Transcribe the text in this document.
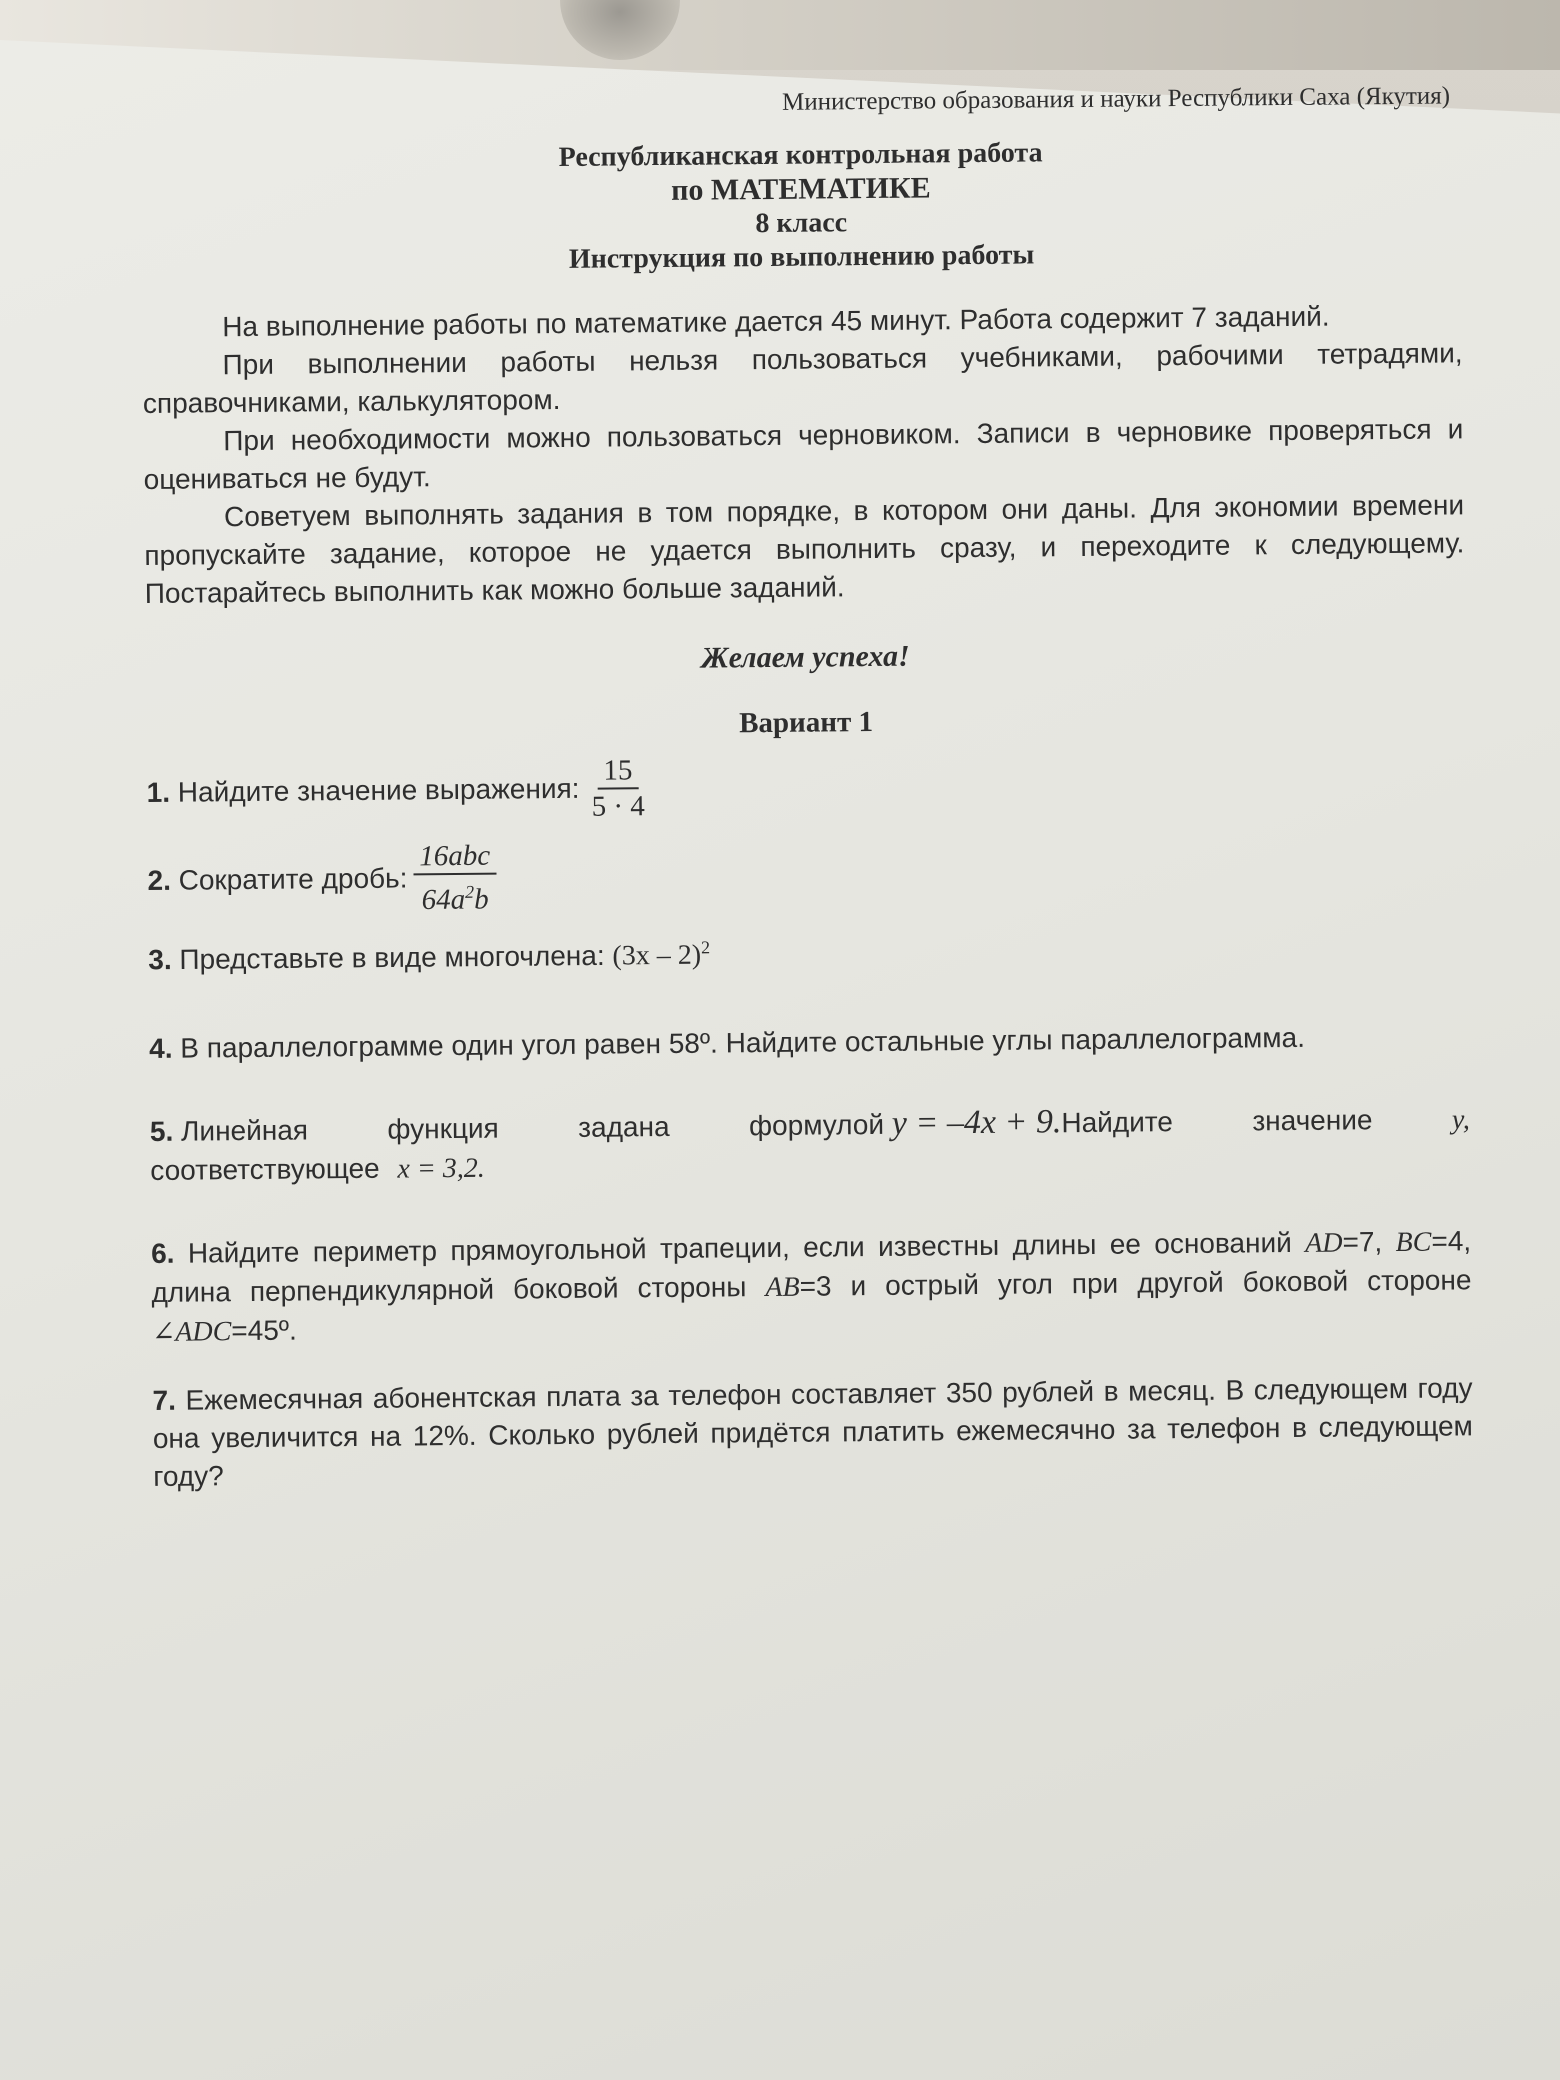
Министерство образования и науки Республики Саха (Якутия)
Республиканская контрольная работа
по МАТЕМАТИКЕ
8 класс
Инструкция по выполнению работы

На выполнение работы по математике дается 45 минут. Работа содержит 7 заданий.

При выполнении работы нельзя пользоваться учебниками, рабочими тетрадями, справочниками, калькулятором.

При необходимости можно пользоваться черновиком. Записи в черновике проверяться и оцениваться не будут.

Советуем выполнять задания в том порядке, в котором они даны. Для экономии времени пропускайте задание, которое не удается выполнить сразу, и переходите к следующему. Постарайтесь выполнить как можно больше заданий.

Желаем успеха!
Вариант 1
1.
Найдите значение выражения: $\frac{15}{5 \cdot 4}$
2.
Сократите дробь: $\frac{\text{16abc}}{64a^2b}$
3. Представьте в виде многочлена: (3x – 2)$^2$
4. В параллелограмме один угол равен 58º. Найдите остальные углы параллелограмма.
5. Линейная	функция	задана	формулой y = –4x + 9.Найдите	значение	y,
соответствующее x = 3,2.
6. Найдите периметр прямоугольной трапеции, если известны длины ее оснований AD=7, BC=4, длина перпендикулярной боковой стороны AB=3 и острый угол при другой боковой стороне ∠ADC=45º.
7. Ежемесячная абонентская плата за телефон составляет 350 рублей в месяц. В следующем году она увеличится на 12%. Сколько рублей придётся платить ежемесячно за телефон в следующем году?
